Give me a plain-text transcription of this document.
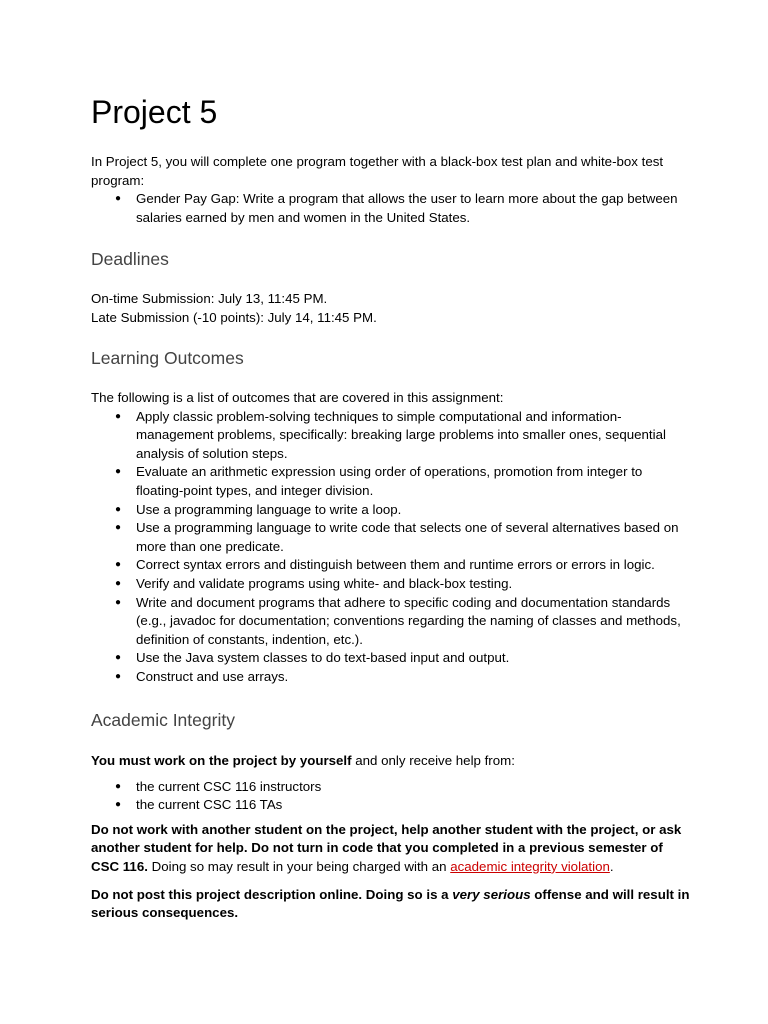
Project 5

In Project 5, you will complete one program together with a black-box test plan and white-box test program:

● Gender Pay Gap: Write a program that allows the user to learn more about the gap between salaries earned by men and women in the United States.
Deadlines

On-time Submission: July 13, 11:45 PM.

Late Submission (-10 points): July 14, 11:45 PM.

Learning Outcomes

The following is a list of outcomes that are covered in this assignment:

● Apply classic problem-solving techniques to simple computational and information-management problems, specifically: breaking large problems into smaller ones, sequential analysis of solution steps.
● Evaluate an arithmetic expression using order of operations, promotion from integer to floating-point types, and integer division.
● Use a programming language to write a loop.
● Use a programming language to write code that selects one of several alternatives based on more than one predicate.
● Correct syntax errors and distinguish between them and runtime errors or errors in logic.
● Verify and validate programs using white- and black-box testing.
● Write and document programs that adhere to specific coding and documentation standards (e.g., javadoc for documentation; conventions regarding the naming of classes and methods, definition of constants, indention, etc.).
● Use the Java system classes to do text-based input and output.
● Construct and use arrays.
Academic Integrity

You must work on the project by yourself and only receive help from:

● the current CSC 116 instructors
● the current CSC 116 TAs

Do not work with another student on the project, help another student with the project, or ask another student for help. Do not turn in code that you completed in a previous semester of CSC 116. Doing so may result in your being charged with an academic integrity violation.

Do not post this project description online. Doing so is a very serious offense and will result in serious consequences.
